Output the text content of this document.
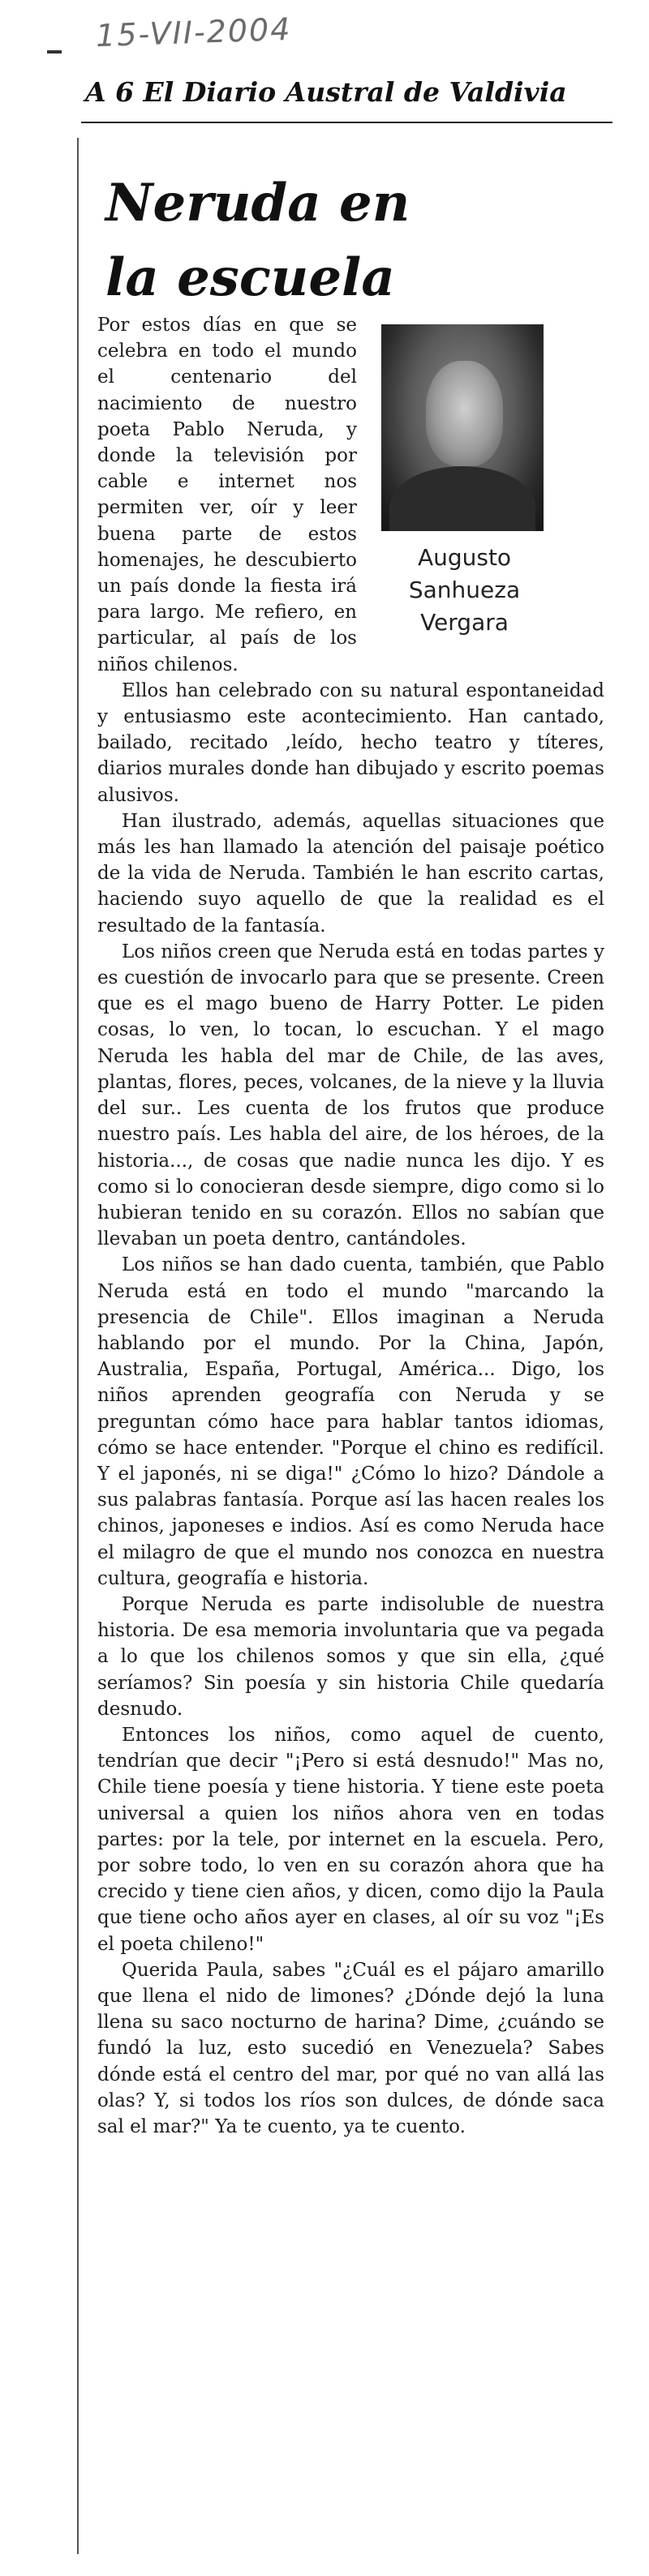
15-VII-2004
A 6 El Diario Austral de Valdivia
Neruda en
la escuela
Augusto
Sanhueza
Vergara

Por estos días en que se celebra en todo el mundo el centenario del nacimiento de nuestro poeta Pablo Neruda, y donde la televisión por cable e internet nos permiten ver, oír y leer buena parte de estos homenajes, he descubierto un país donde la fiesta irá para largo. Me refiero, en particular, al país de los niños chilenos.

Ellos han celebrado con su natural espontaneidad y entusiasmo este acontecimiento. Han cantado, bailado, recitado ,leído, hecho teatro y títeres, diarios murales donde han dibujado y escrito poemas alusivos.

Han ilustrado, además, aquellas situaciones que más les han llamado la atención del paisaje poético de la vida de Neruda. También le han escrito cartas, haciendo suyo aquello de que la realidad es el resultado de la fantasía.

Los niños creen que Neruda está en todas partes y es cuestión de invocarlo para que se presente. Creen que es el mago bueno de Harry Potter. Le piden cosas, lo ven, lo tocan, lo escuchan. Y el mago Neruda les habla del mar de Chile, de las aves, plantas, flores, peces, volcanes, de la nieve y la lluvia del sur.. Les cuenta de los frutos que produce nuestro país. Les habla del aire, de los héroes, de la historia..., de cosas que nadie nunca les dijo. Y es como si lo conocieran desde siempre, digo como si lo hubieran tenido en su corazón. Ellos no sabían que llevaban un poeta dentro, cantándoles.

Los niños se han dado cuenta, también, que Pablo Neruda está en todo el mundo "marcando la presencia de Chile". Ellos imaginan a Neruda hablando por el mundo. Por la China, Japón, Australia, España, Portugal, América... Digo, los niños aprenden geografía con Neruda y se preguntan cómo hace para hablar tantos idiomas, cómo se hace entender. "Porque el chino es redifícil. Y el japonés, ni se diga!" ¿Cómo lo hizo? Dándole a sus palabras fantasía. Porque así las hacen reales los chinos, japoneses e indios. Así es como Neruda hace el milagro de que el mundo nos conozca en nuestra cultura, geografía e historia.

Porque Neruda es parte indisoluble de nuestra historia. De esa memoria involuntaria que va pegada a lo que los chilenos somos y que sin ella, ¿qué seríamos? Sin poesía y sin historia Chile quedaría desnudo.

Entonces los niños, como aquel de cuento, tendrían que decir "¡Pero si está desnudo!" Mas no, Chile tiene poesía y tiene historia. Y tiene este poeta universal a quien los niños ahora ven en todas partes: por la tele, por internet en la escuela. Pero, por sobre todo, lo ven en su corazón ahora que ha crecido y tiene cien años, y dicen, como dijo la Paula que tiene ocho años ayer en clases, al oír su voz "¡Es el poeta chileno!"

Querida Paula, sabes "¿Cuál es el pájaro amarillo que llena el nido de limones? ¿Dónde dejó la luna llena su saco nocturno de harina? Dime, ¿cuándo se fundó la luz, esto sucedió en Venezuela? Sabes dónde está el centro del mar, por qué no van allá las olas? Y, si todos los ríos son dulces, de dónde saca sal el mar?" Ya te cuento, ya te cuento.
